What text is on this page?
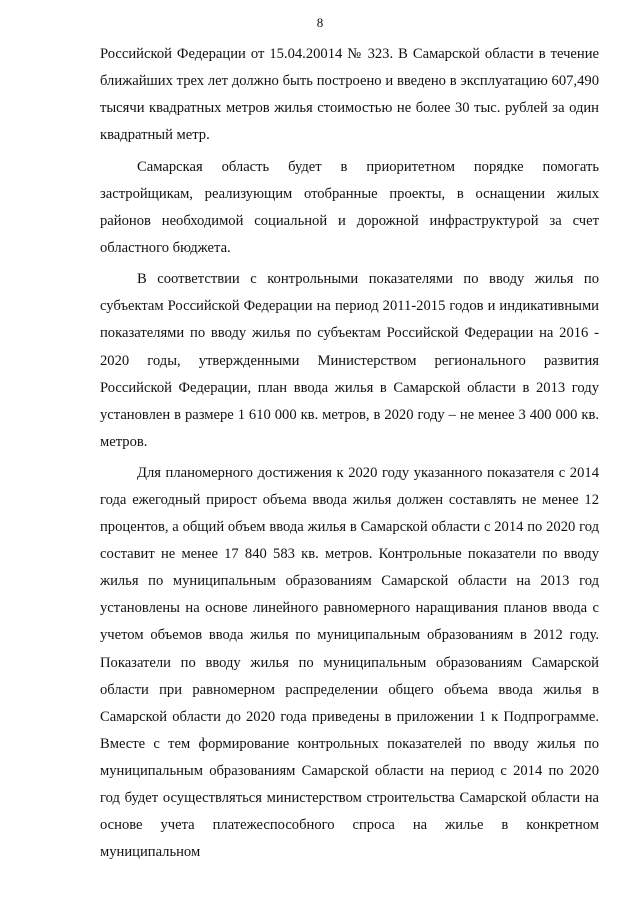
8

Российской Федерации от 15.04.20014 № 323. В Самарской области в течение ближайших трех лет должно быть построено и введено в эксплуатацию 607,490 тысячи квадратных метров жилья стоимостью не более 30 тыс. рублей за один квадратный метр.

Самарская область будет в приоритетном порядке помогать застройщикам, реализующим отобранные проекты, в оснащении жилых районов необходимой социальной и дорожной инфраструктурой за счет областного бюджета.

В соответствии с контрольными показателями по вводу жилья по субъектам Российской Федерации на период 2011-2015 годов и индикативными показателями по вводу жилья по субъектам Российской Федерации на 2016 - 2020 годы, утвержденными Министерством регионального развития Российской Федерации, план ввода жилья в Самарской области в 2013 году установлен в размере 1 610 000 кв. метров, в 2020 году – не менее 3 400 000 кв. метров.

Для планомерного достижения к 2020 году указанного показателя с 2014 года ежегодный прирост объема ввода жилья должен составлять не менее 12 процентов, а общий объем ввода жилья в Самарской области с 2014 по 2020 год составит не менее 17 840 583 кв. метров. Контрольные показатели по вводу жилья по муниципальным образованиям Самарской области на 2013 год установлены на основе линейного равномерного наращивания планов ввода с учетом объемов ввода жилья по муниципальным образованиям в 2012 году. Показатели по вводу жилья по муниципальным образованиям Самарской области при равномерном распределении общего объема ввода жилья в Самарской области до 2020 года приведены в приложении 1 к Подпрограмме. Вместе с тем формирование контрольных показателей по вводу жилья по муниципальным образованиям Самарской области на период с 2014 по 2020 год будет осуществляться министерством строительства Самарской области на основе учета платежеспособного спроса на жилье в конкретном муниципальном
